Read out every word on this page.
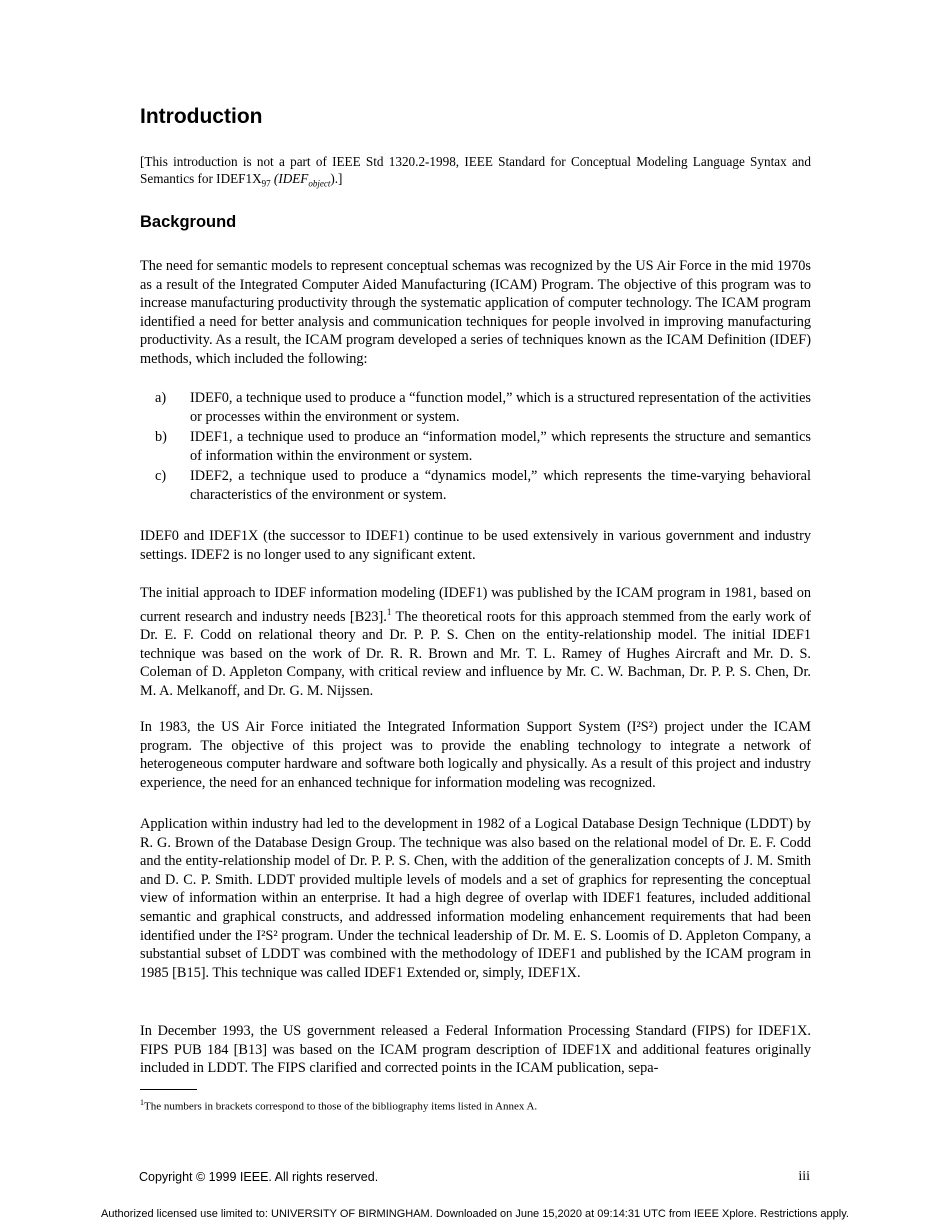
Introduction

[This introduction is not a part of IEEE Std 1320.2-1998, IEEE Standard for Conceptual Modeling Language Syntax and Semantics for $IDEF1X_{97}$ $(IDEF_{object})$.]

Background

The need for semantic models to represent conceptual schemas was recognized by the US Air Force in the mid 1970s as a result of the Integrated Computer Aided Manufacturing (ICAM) Program. The objective of this program was to increase manufacturing productivity through the systematic application of computer technology. The ICAM program identified a need for better analysis and communication techniques for people involved in improving manufacturing productivity. As a result, the ICAM program developed a series of techniques known as the ICAM Definition (IDEF) methods, which included the following:

a) IDEF0, a technique used to produce a “function model,” which is a structured representation of the activities or processes within the environment or system.
b) IDEF1, a technique used to produce an “information model,” which represents the structure and semantics of information within the environment or system.
c) IDEF2, a technique used to produce a “dynamics model,” which represents the time-varying behavioral characteristics of the environment or system.

IDEF0 and IDEF1X (the successor to IDEF1) continue to be used extensively in various government and industry settings. IDEF2 is no longer used to any significant extent.

The initial approach to IDEF information modeling (IDEF1) was published by the ICAM program in 1981, based on current research and industry needs [B23].$^1$ The theoretical roots for this approach stemmed from the early work of Dr. E. F. Codd on relational theory and Dr. P. P. S. Chen on the entity-relationship model. The initial IDEF1 technique was based on the work of Dr. R. R. Brown and Mr. T. L. Ramey of Hughes Aircraft and Mr. D. S. Coleman of D. Appleton Company, with critical review and influence by Mr. C. W. Bachman, Dr. P. P. S. Chen, Dr. M. A. Melkanoff, and Dr. G. M. Nijssen.

In 1983, the US Air Force initiated the Integrated Information Support System (I²S²) project under the ICAM program. The objective of this project was to provide the enabling technology to integrate a network of heterogeneous computer hardware and software both logically and physically. As a result of this project and industry experience, the need for an enhanced technique for information modeling was recognized.

Application within industry had led to the development in 1982 of a Logical Database Design Technique (LDDT) by R. G. Brown of the Database Design Group. The technique was also based on the relational model of Dr. E. F. Codd and the entity-relationship model of Dr. P. P. S. Chen, with the addition of the generalization concepts of J. M. Smith and D. C. P. Smith. LDDT provided multiple levels of models and a set of graphics for representing the conceptual view of information within an enterprise. It had a high degree of overlap with IDEF1 features, included additional semantic and graphical constructs, and addressed information modeling enhancement requirements that had been identified under the I²S² program. Under the technical leadership of Dr. M. E. S. Loomis of D. Appleton Company, a substantial subset of LDDT was combined with the methodology of IDEF1 and published by the ICAM program in 1985 [B15]. This technique was called IDEF1 Extended or, simply, IDEF1X.

In December 1993, the US government released a Federal Information Processing Standard (FIPS) for IDEF1X. FIPS PUB 184 [B13] was based on the ICAM program description of IDEF1X and additional features originally included in LDDT. The FIPS clarified and corrected points in the ICAM publication, sepa-

$^1$The numbers in brackets correspond to those of the bibliography items listed in Annex A.

Copyright © 1999 IEEE. All rights reserved.	iii
Authorized licensed use limited to: UNIVERSITY OF BIRMINGHAM. Downloaded on June 15,2020 at 09:14:31 UTC from IEEE Xplore. Restrictions apply.
